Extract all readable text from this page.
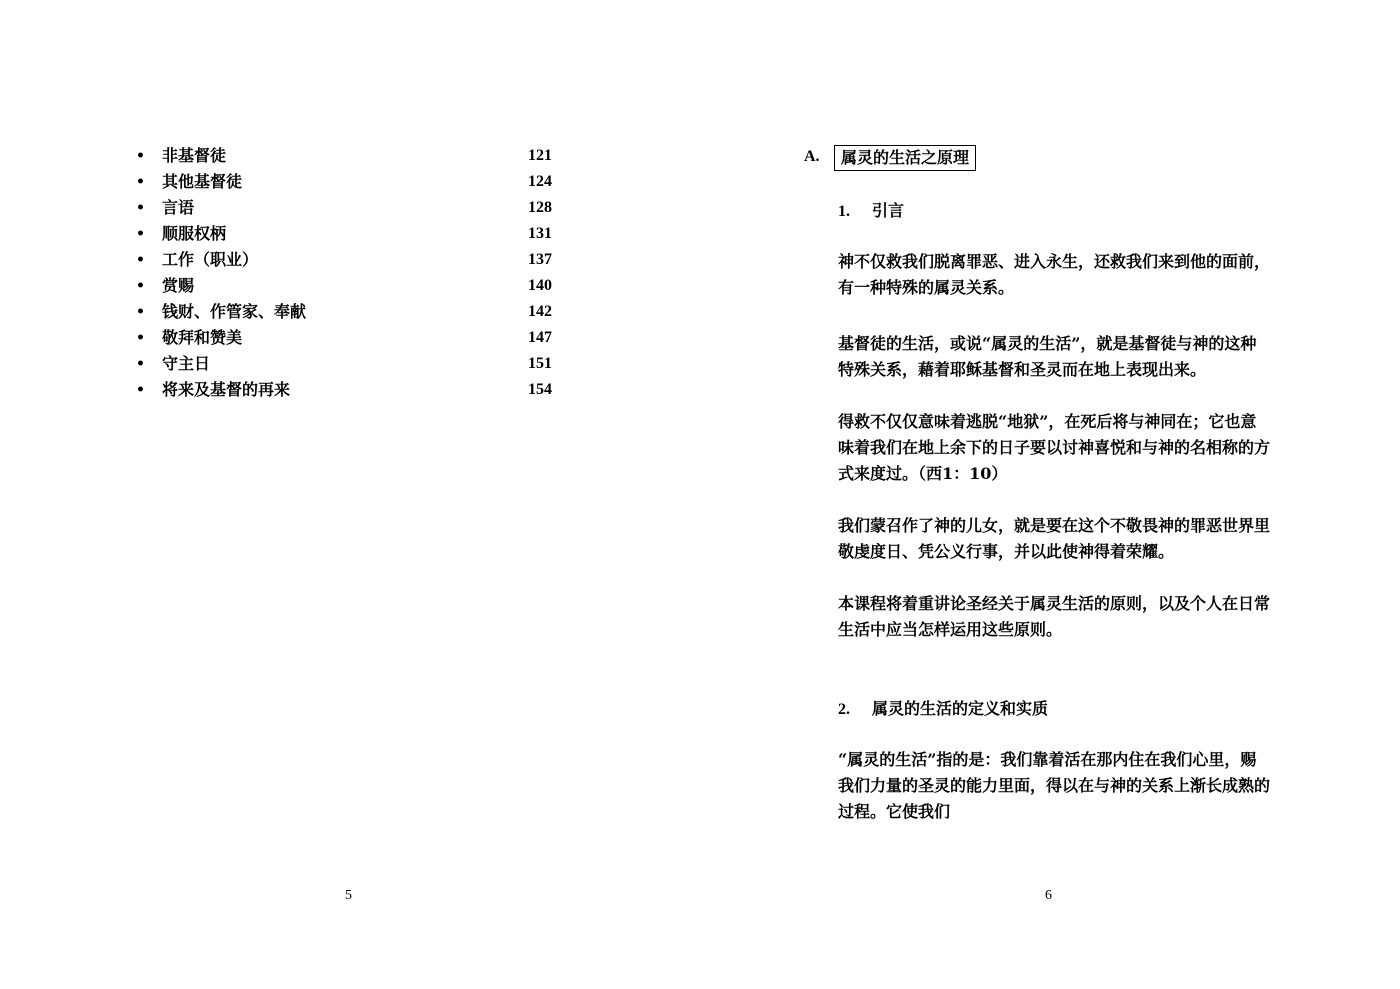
• 非基督徒	121
• 其他基督徒	124
• 言语	128
• 顺服权柄	131
• 工作（职业）	137
• 赏赐	140
• 钱财、作管家、奉献	142
• 敬拜和赞美	147
• 守主日	151
• 将来及基督的再来	154
5
A.	属灵的生活之原理
1. 引言
神不仅救我们脱离罪恶、进入永生，还救我们来到他的面前，
有一种特殊的属灵关系。
基督徒的生活，或说“属灵的生活”，就是基督徒与神的这种
特殊关系，藉着耶稣基督和圣灵而在地上表现出来。
得救不仅仅意味着逃脱“地狱”，在死后将与神同在；它也意
味着我们在地上余下的日子要以讨神喜悦和与神的名相称的方
式来度过。（西1：10）
我们蒙召作了神的儿女，就是要在这个不敬畏神的罪恶世界里
敬虔度日、凭公义行事，并以此使神得着荣耀。
本课程将着重讲论圣经关于属灵生活的原则，以及个人在日常
生活中应当怎样运用这些原则。
2. 属灵的生活的定义和实质
“属灵的生活”指的是：我们靠着活在那内住在我们心里，赐
我们力量的圣灵的能力里面，得以在与神的关系上渐长成熟的
过程。它使我们
6
